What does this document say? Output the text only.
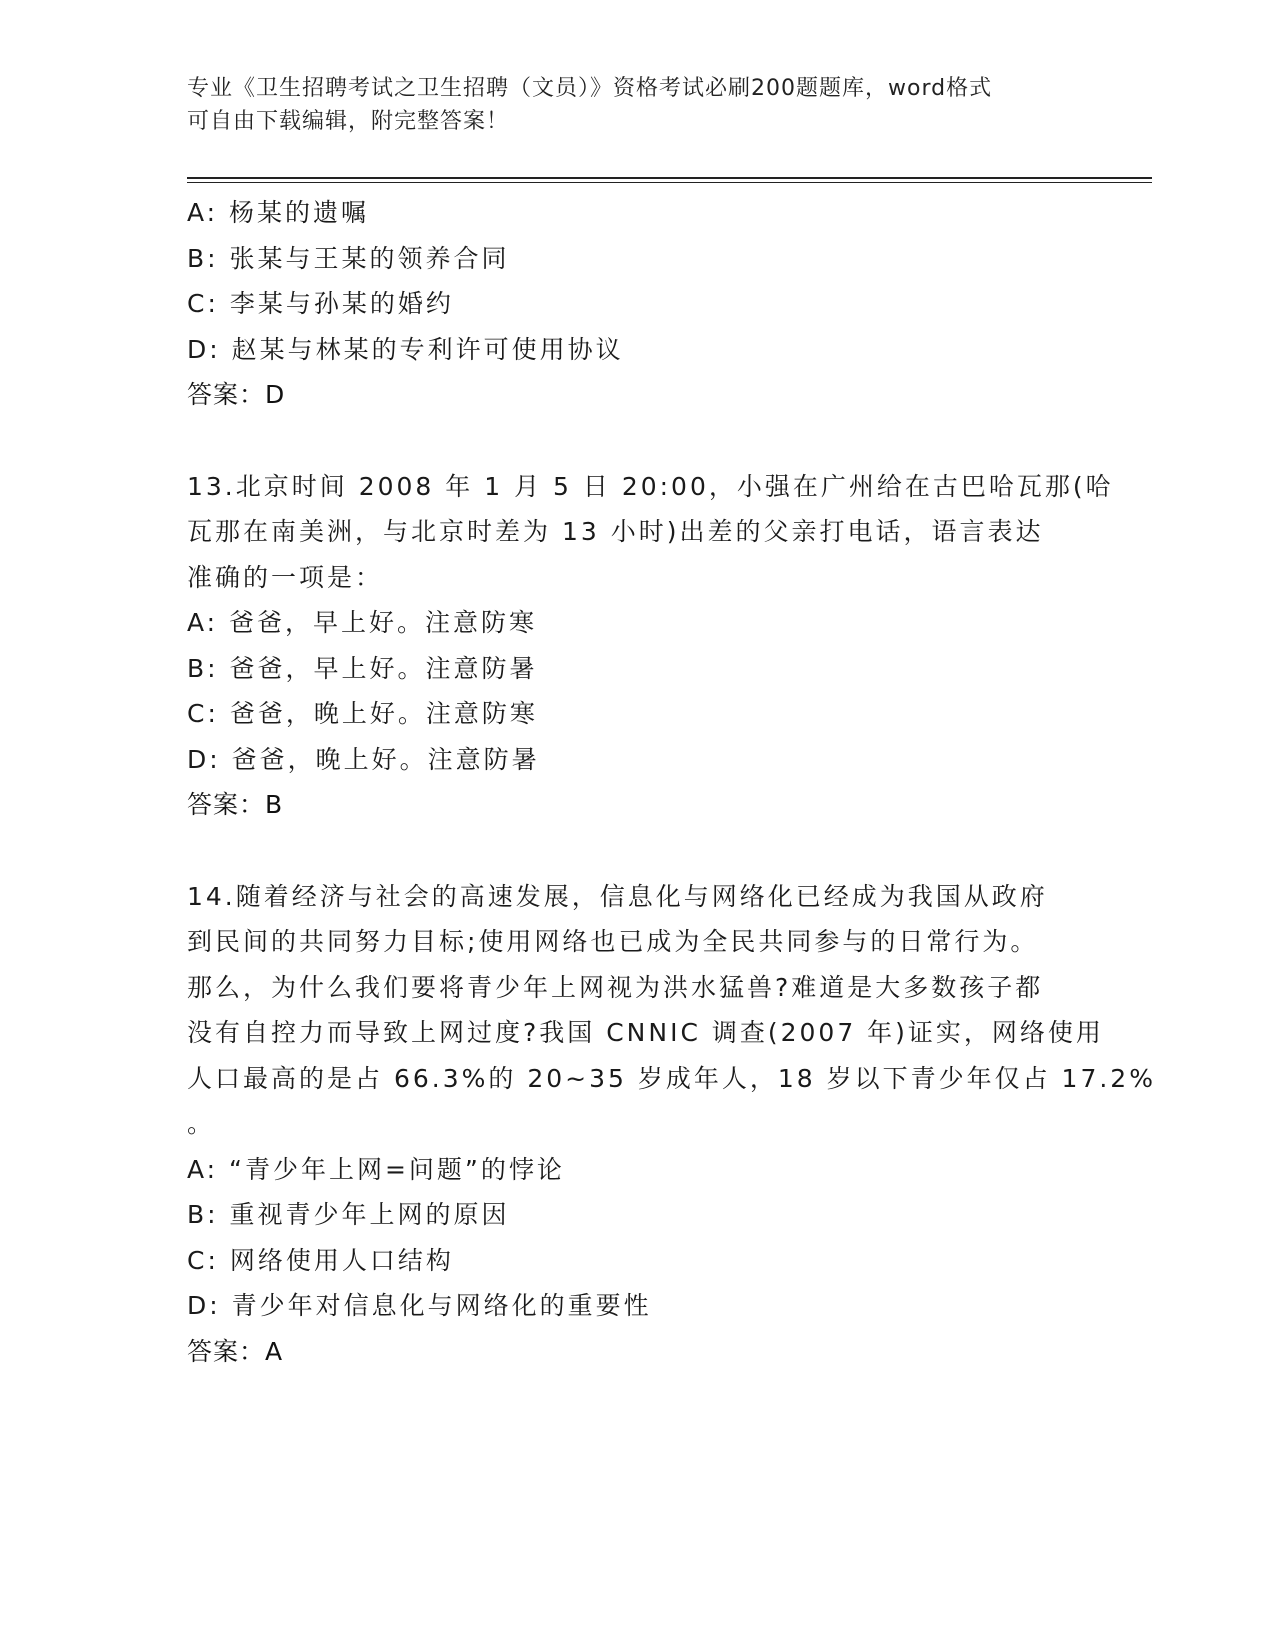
专业《卫生招聘考试之卫生招聘（文员）》资格考试必刷200题题库，word格式
可自由下载编辑，附完整答案！
A: 杨某的遗嘱
B: 张某与王某的领养合同
C: 李某与孙某的婚约
D: 赵某与林某的专利许可使用协议
答案：D
13.北京时间 2008 年 1 月 5 日 20:00，小强在广州给在古巴哈瓦那(哈
瓦那在南美洲，与北京时差为 13 小时)出差的父亲打电话，语言表达
准确的一项是：
A: 爸爸，早上好。注意防寒
B: 爸爸，早上好。注意防暑
C: 爸爸，晚上好。注意防寒
D: 爸爸，晚上好。注意防暑
答案：B
14.随着经济与社会的高速发展，信息化与网络化已经成为我国从政府
到民间的共同努力目标;使用网络也已成为全民共同参与的日常行为。
那么，为什么我们要将青少年上网视为洪水猛兽?难道是大多数孩子都
没有自控力而导致上网过度?我国 CNNIC 调查(2007 年)证实，网络使用
人口最高的是占 66.3%的 20~35 岁成年人，18 岁以下青少年仅占 17.2%
。
A: “青少年上网=问题”的悖论
B: 重视青少年上网的原因
C: 网络使用人口结构
D: 青少年对信息化与网络化的重要性
答案：A
